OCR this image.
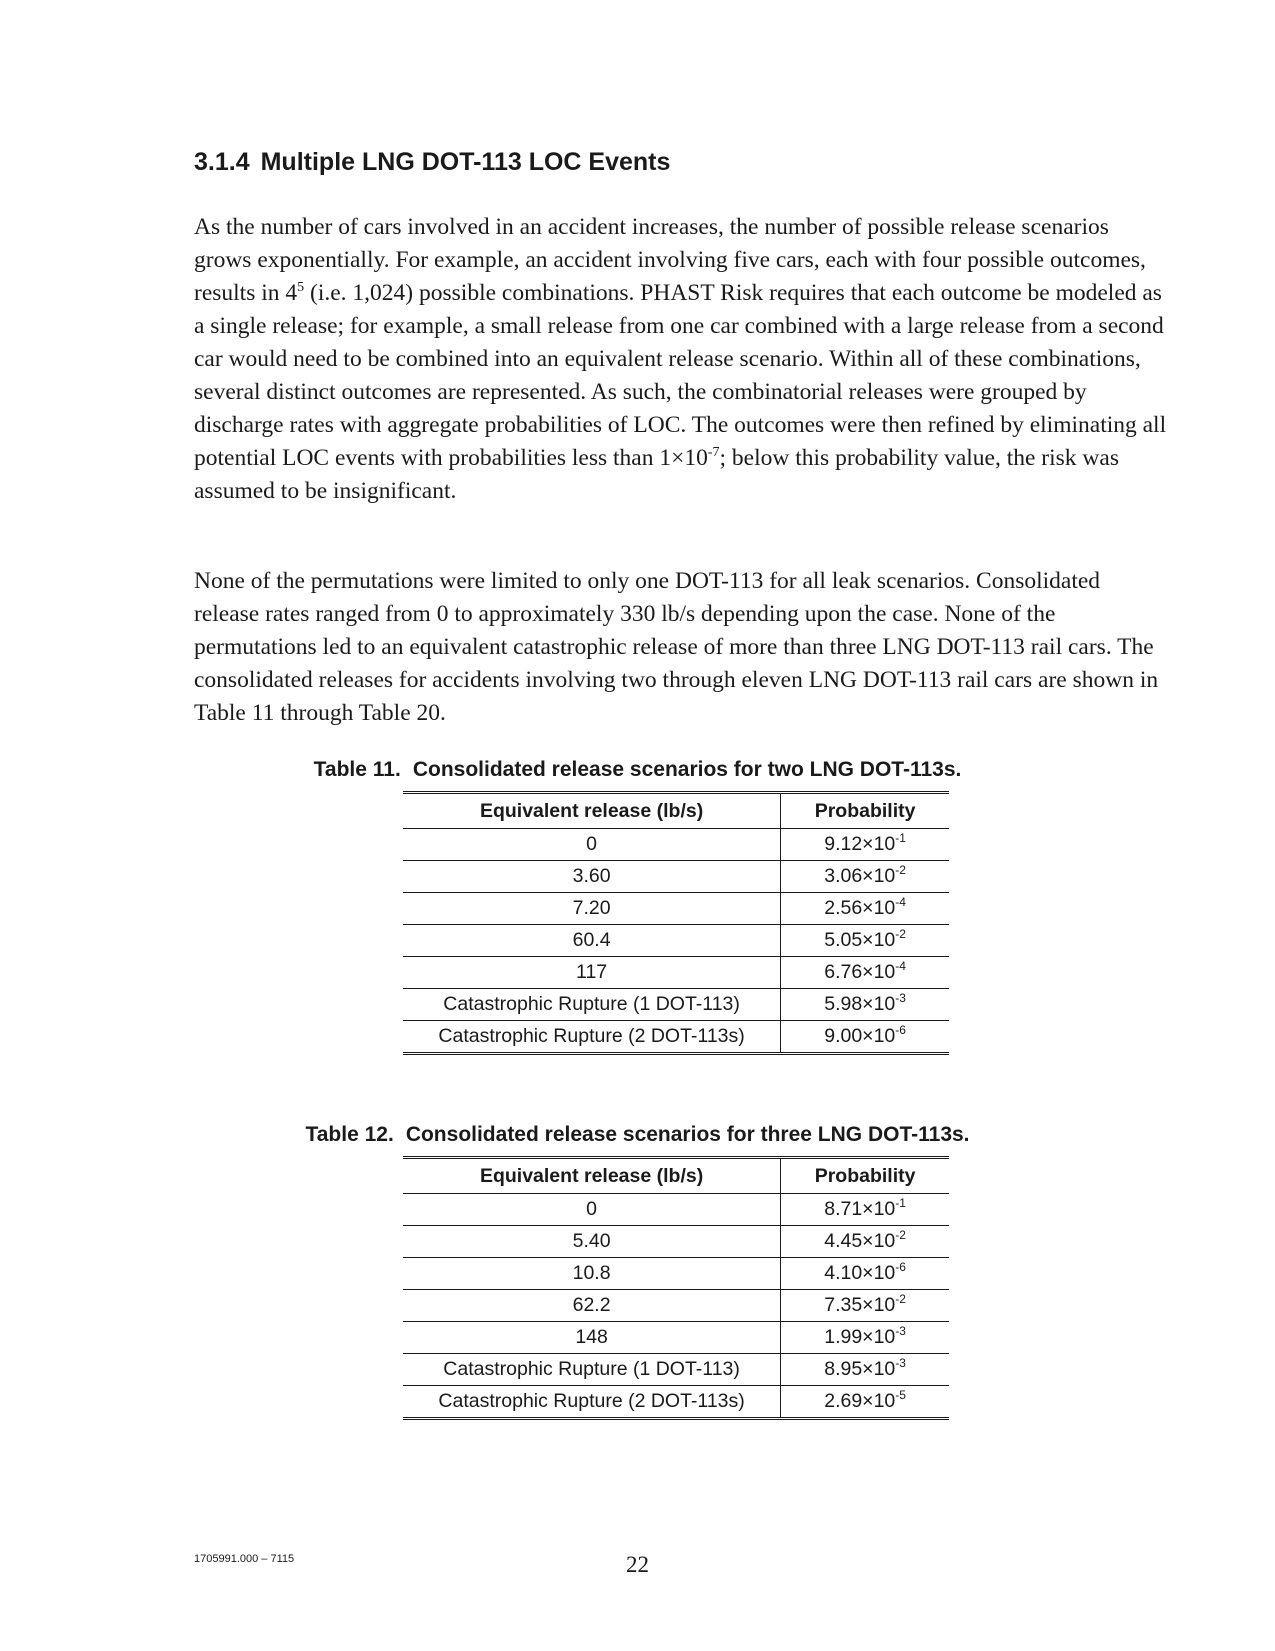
3.1.4 Multiple LNG DOT-113 LOC Events

As the number of cars involved in an accident increases, the number of possible release scenarios grows exponentially. For example, an accident involving five cars, each with four possible outcomes, results in $4^5$ (i.e. 1,024) possible combinations. PHAST Risk requires that each outcome be modeled as a single release; for example, a small release from one car combined with a large release from a second car would need to be combined into an equivalent release scenario. Within all of these combinations, several distinct outcomes are represented. As such, the combinatorial releases were grouped by discharge rates with aggregate probabilities of LOC. The outcomes were then refined by eliminating all potential LOC events with probabilities less than $1\times 10^{-7}$; below this probability value, the risk was assumed to be insignificant.

None of the permutations were limited to only one DOT-113 for all leak scenarios. Consolidated release rates ranged from 0 to approximately 330 lb/s depending upon the case. None of the permutations led to an equivalent catastrophic release of more than three LNG DOT-113 rail cars. The consolidated releases for accidents involving two through eleven LNG DOT-113 rail cars are shown in Table 11 through Table 20.

Table 11. Consolidated release scenarios for two LNG DOT-113s.

Equivalent release (lb/s)	Probability
0	$9.12\times 10^{-1}$
3.60	$3.06\times 10^{-2}$
7.20	$2.56\times 10^{-4}$
60.4	$5.05\times 10^{-2}$
117	$6.76\times 10^{-4}$
Catastrophic Rupture (1 DOT-113)	$5.98\times 10^{-3}$
Catastrophic Rupture (2 DOT-113s)	$9.00\times 10^{-6}$

Table 12. Consolidated release scenarios for three LNG DOT-113s.

Equivalent release (lb/s)	Probability
0	$8.71\times 10^{-1}$
5.40	$4.45\times 10^{-2}$
10.8	$4.10\times 10^{-6}$
62.2	$7.35\times 10^{-2}$
148	$1.99\times 10^{-3}$
Catastrophic Rupture (1 DOT-113)	$8.95\times 10^{-3}$
Catastrophic Rupture (2 DOT-113s)	$2.69\times 10^{-5}$
1705991.000 – 7115	22
